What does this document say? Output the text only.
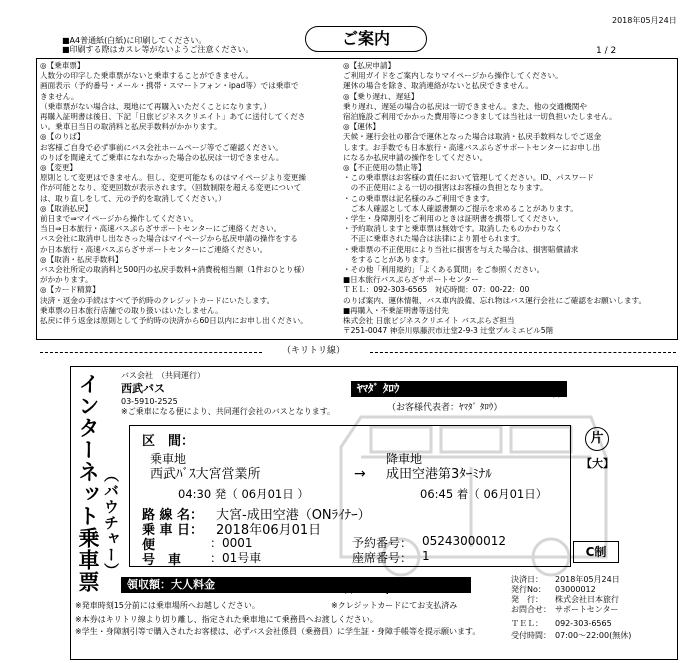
■A4普通紙(白紙)に印刷してください。
■印刷する際はカスレ等がないようご注意ください。
ご案内
2018年05月24日
1 / 2
◎【乗車票】
人数分の印字した乗車票がないと乗車することができません。
画面表示（予約番号・メール・携帯・スマートフォン・ipad等）では乗車で
きません。
（乗車票がない場合は、現地にて再購入いただくことになります。）
再購入証明書は後日、下記「日旅ビジネスクリエイト」あてに送付してくださ
い。乗車日当日の取消料と払戻手数料がかかります。
◎【のりば】
お客様ご自身で必ず事前にバス会社ホームページ等でご確認ください。
のりばを間違えてご乗車になれなかった場合の払戻は一切できません。
◎【変更】
原則として変更はできません。但し、変更可能なものはマイページより変更操
作が可能となり、変更回数が表示されます。（回数制限を超える変更について
は、取り直しをして、元の予約を取消してください。）
◎【取消払戻】
前日まで⇒マイページから操作してください。
当日⇒日本旅行・高速バスぷらざサポートセンターにご連絡ください。
バス会社に取消申し出なさった場合はマイページから払戻申請の操作をする
か日本旅行・高速バスぷらざサポートセンターにご連絡ください。
◎【取消・払戻手数料】
バス会社所定の取消料と500円の払戻手数料+消費税相当額（1件おひとり様）
がかかります。
◎【カード精算】
決済・返金の手続はすべて予約時のクレジットカードにいたします。
乗車票の日本旅行店舗での取り扱いはいたしません。
払戻に伴う返金は原則として予約時の決済から60日以内にお申し出ください。
◎【払戻申請】
ご利用ガイドをご案内しなりマイページから操作してください。
運休の場合を除き、取消連絡がないと払戻できません。
◎【乗り遅れ、遅延】
乗り遅れ、遅延の場合の払戻は一切できません。また、他の交通機関や
宿泊施設ご利用でかかった費用等につきましては当社は一切負担いたしません。
◎【運休】
天候・運行会社の都合で運休となった場合は取消・払戻手数料なしでご返金
します。お手数でも日本旅行・高速バスぷらざサポートセンターにお申し出
になるか払戻申請の操作をしてください。
◎【不正使用の禁止等】
・この乗車票はお客様の責任において管理してください。ID、パスワード
　の不正使用による一切の損害はお客様の負担となります。
・この乗車票は記名様のみご利用できます。
　ご本人確認として本人確認書類のご提示を求めることがあります。
・学生・身障割引をご利用のときは証明書を携帯してください。
・予約取消しますと乗車票は無効です。取消したものかわりなく
　不正に乗車された場合は法律により罰せられます。
・乗車票の不正使用により当社に損害を与えた場合は、損害賠償請求
　をすることがあります。
・その他「利用規約」「よくある質問」をご参照ください。
■日本旅行バスぷらざサポートセンター
ＴＥＬ：092-303-6565　対応時間：07：00-22：00
のりば案内、運休情報、バス車内設備、忘れ物はバス運行会社にご確認をお願いします。
■再購入・不乗証明書等送付先
株式会社 日旅ビジネスクリエイト バスぷらざ担当
〒251-0047 神奈川県藤沢市辻堂2-9-3 辻堂プルミエビル5階
（キリトリ線）
バス会社　（共同運行）
西武バス
03-5910-2525
※ご乗車になる便により、共同運行会社のバスとなります。
インターネット乗車票 （バウチャー）
ﾔﾏﾀﾞ ﾀﾛｳ	様
（お客様代表者：ﾔﾏﾀﾞ ﾀﾛｳ）
区　間：
乗車地
西武ﾊﾞｽ大宮営業所	→
降車地
成田空港第3ﾀｰﾐﾅﾙ
04:30 発（ 06月01日 ）	06:45 着（ 06月01日）
路 線 名： 大宮-成田空港（ONﾗｲﾅｰ）
乗 車 日： 2018年06月01日
便	：0001
号　車 ：01号車
予約番号： 05243000012
座席番号： 1
片
【大】
C制
領収額：大人料金	1名￥　2,800 （消費税込）
※クレジットカードにてお支払済み
※発車時刻15分前には乗車場所へお越しください。
※本券はキリトリ線より切り離し、指定された乗車地にて乗務員へお渡しください。
※学生・身障割引等で購入されたお客様は、必ずバス会社係員（乗務員）に学生証・身障手帳等を提示願います。
決済日： 2018年05月24日
発行No： 03000012
発　行： 株式会社日本旅行
お問合せ： サポートセンター
ＴＥＬ： 092-303-6565
受付時間： 07:00～22:00(無休)
